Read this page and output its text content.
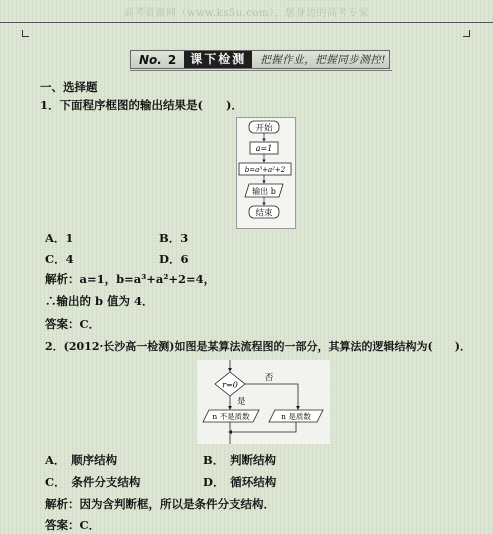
高考资源网（www.ks5u.com），您身边的高考专家
No. 2	课下检测	把握作业，把握同步测控!
一、选择题
1．下面程序框图的输出结果是(　　)．
开始
a=1
b=a³+a²+2
输出 b
结束
A．1	B．3
C．4	D．6
解析：a=1，b=a³+a²+2=4，
∴输出的 b 值为 4．
答案：C．
2．(2012·长沙高一检测)如图是某算法流程图的一部分，其算法的逻辑结构为(　　)．
r=0
否
是
n 不是质数	n 是质数
A．　顺序结构	B．　判断结构
C．　条件分支结构	D．　循环结构
解析：因为含判断框，所以是条件分支结构．
答案：C．
